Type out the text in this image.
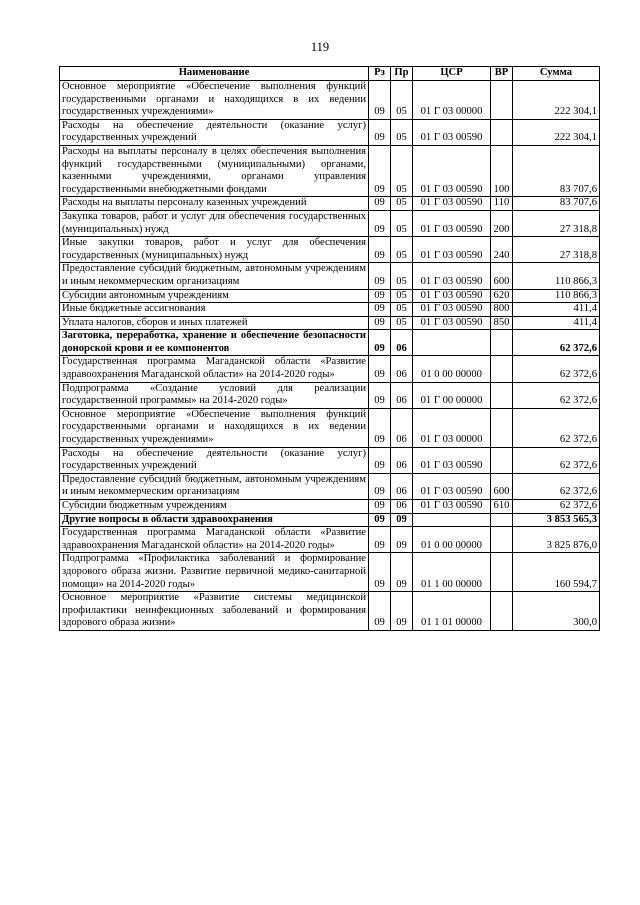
119
Наименование	Рз	Пр	ЦСР	ВР	Сумма
Основное мероприятие «Обеспечение выполнения функций государственными органами и находящихся в их ведении государственных учреждениями»	09	05	01 Г 03 00000		222 304,1
Расходы на обеспечение деятельности (оказание услуг) государственных учреждений	09	05	01 Г 03 00590		222 304,1
Расходы на выплаты персоналу в целях обеспечения выполнения функций государственными (муниципальными) органами, казенными учреждениями, органами управления государственными внебюджетными фондами	09	05	01 Г 03 00590	100	83 707,6
Расходы на выплаты персоналу казенных учреждений	09	05	01 Г 03 00590	110	83 707,6
Закупка товаров, работ и услуг для обеспечения государственных (муниципальных) нужд	09	05	01 Г 03 00590	200	27 318,8
Иные закупки товаров, работ и услуг для обеспечения государственных (муниципальных) нужд	09	05	01 Г 03 00590	240	27 318,8
Предоставление субсидий бюджетным, автономным учреждениям и иным некоммерческим организациям	09	05	01 Г 03 00590	600	110 866,3
Субсидии автономным учреждениям	09	05	01 Г 03 00590	620	110 866,3
Иные бюджетные ассигнования	09	05	01 Г 03 00590	800	411,4
Уплата налогов, сборов и иных платежей	09	05	01 Г 03 00590	850	411,4
Заготовка, переработка, хранение и обеспечение безопасности донорской крови и ее компонентов	09	06			62 372,6
Государственная программа Магаданской области «Развитие здравоохранения Магаданской области» на 2014-2020 годы»	09	06	01 0 00 00000		62 372,6
Подпрограмма «Создание условий для реализации государственной программы» на 2014-2020 годы»	09	06	01 Г 00 00000		62 372,6
Основное мероприятие «Обеспечение выполнения функций государственными органами и находящихся в их ведении государственных учреждениями»	09	06	01 Г 03 00000		62 372,6
Расходы на обеспечение деятельности (оказание услуг) государственных учреждений	09	06	01 Г 03 00590		62 372,6
Предоставление субсидий бюджетным, автономным учреждениям и иным некоммерческим организациям	09	06	01 Г 03 00590	600	62 372,6
Субсидии бюджетным учреждениям	09	06	01 Г 03 00590	610	62 372,6
Другие вопросы в области здравоохранения	09	09			3 853 565,3
Государственная программа Магаданской области «Развитие здравоохранения Магаданской области» на 2014-2020 годы»	09	09	01 0 00 00000		3 825 876,0
Подпрограмма «Профилактика заболеваний и формирование здорового образа жизни. Развитие первичной медико-санитарной помощи» на 2014-2020 годы»	09	09	01 1 00 00000		160 594,7
Основное мероприятие «Развитие системы медицинской профилактики неинфекционных заболеваний и формирования здорового образа жизни»	09	09	01 1 01 00000		300,0
